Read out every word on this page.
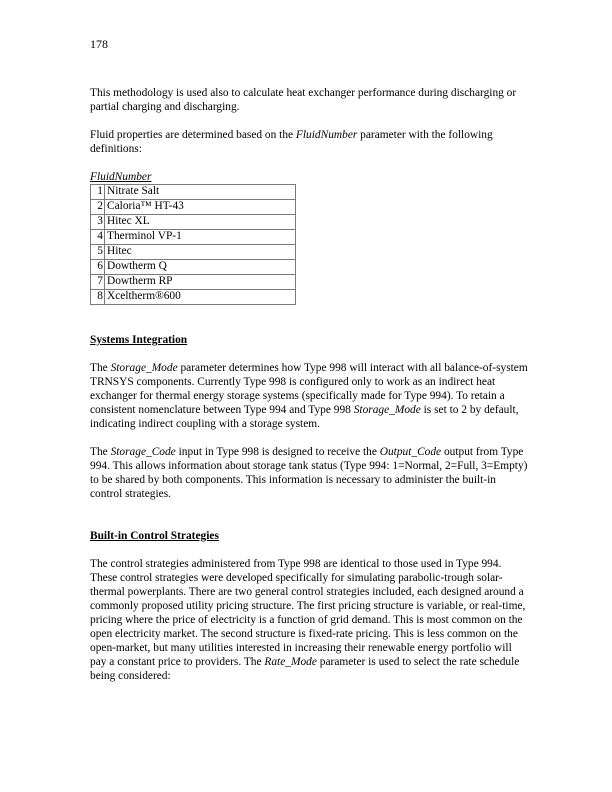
178

This methodology is used also to calculate heat exchanger performance during discharging or partial charging and discharging.

Fluid properties are determined based on the FluidNumber parameter with the following definitions:

FluidNumber

1	Nitrate Salt
2	Caloria™ HT-43
3	Hitec XL
4	Therminol VP-1
5	Hitec
6	Dowtherm Q
7	Dowtherm RP
8	Xceltherm®600

Systems Integration

The Storage_Mode parameter determines how Type 998 will interact with all balance-of-system TRNSYS components. Currently Type 998 is configured only to work as an indirect heat exchanger for thermal energy storage systems (specifically made for Type 994). To retain a consistent nomenclature between Type 994 and Type 998 Storage_Mode is set to 2 by default, indicating indirect coupling with a storage system.

The Storage_Code input in Type 998 is designed to receive the Output_Code output from Type 994. This allows information about storage tank status (Type 994: 1=Normal, 2=Full, 3=Empty) to be shared by both components. This information is necessary to administer the built-in control strategies.

Built-in Control Strategies

The control strategies administered from Type 998 are identical to those used in Type 994. These control strategies were developed specifically for simulating parabolic-trough solar-thermal powerplants. There are two general control strategies included, each designed around a commonly proposed utility pricing structure. The first pricing structure is variable, or real-time, pricing where the price of electricity is a function of grid demand. This is most common on the open electricity market. The second structure is fixed-rate pricing. This is less common on the open-market, but many utilities interested in increasing their renewable energy portfolio will pay a constant price to providers. The Rate_Mode parameter is used to select the rate schedule being considered:
